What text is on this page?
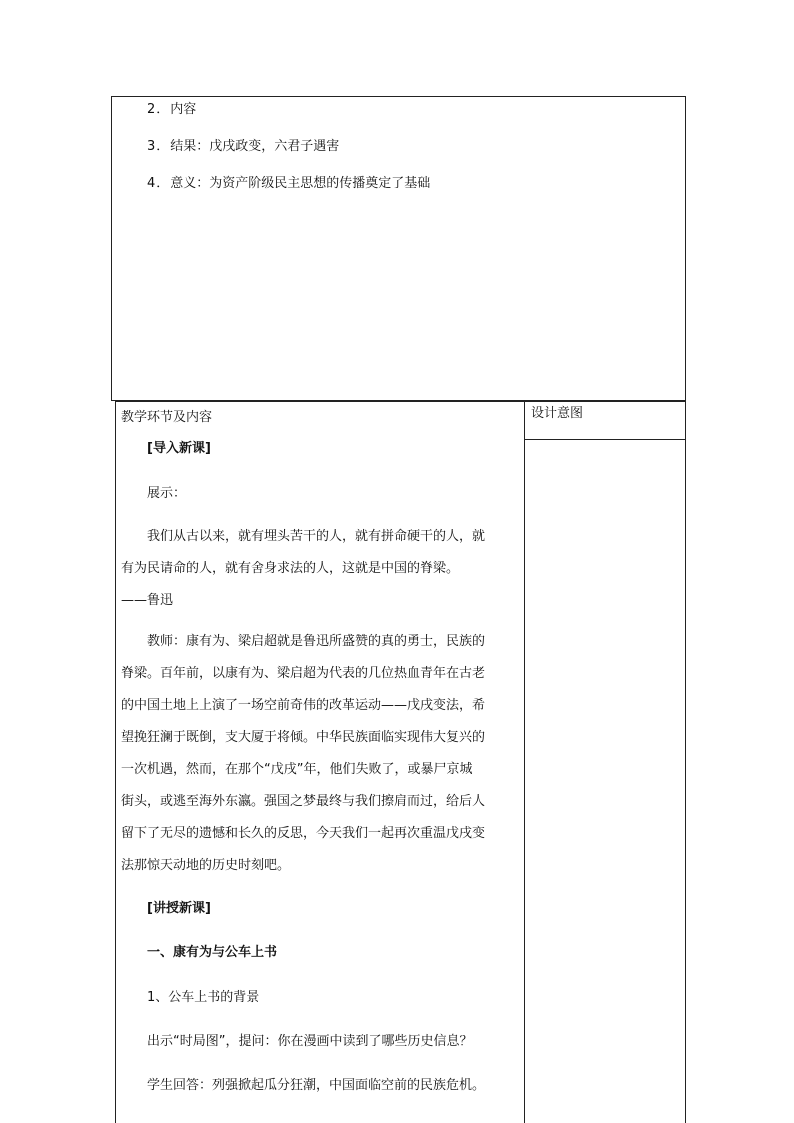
2．内容
3．结果：戊戌政变，六君子遇害
4．意义：为资产阶级民主思想的传播奠定了基础
教学环节及内容	设计意图
[导入新课]
展示：
我们从古以来，就有埋头苦干的人，就有拼命硬干的人，就
有为民请命的人，就有舍身求法的人，这就是中国的脊梁。
——鲁迅
教师：康有为、梁启超就是鲁迅所盛赞的真的勇士，民族的
脊梁。百年前，以康有为、梁启超为代表的几位热血青年在古老
的中国土地上上演了一场空前奇伟的改革运动——戊戌变法，希
望挽狂澜于既倒，支大厦于将倾。中华民族面临实现伟大复兴的
一次机遇，然而，在那个“戊戌”年，他们失败了，或暴尸京城
街头，或逃至海外东瀛。强国之梦最终与我们擦肩而过，给后人
留下了无尽的遗憾和长久的反思，今天我们一起再次重温戊戌变
法那惊天动地的历史时刻吧。
[讲授新课]
一、康有为与公车上书
1、公车上书的背景
出示“时局图”，提问：你在漫画中读到了哪些历史信息？
学生回答：列强掀起瓜分狂潮，中国面临空前的民族危机。
